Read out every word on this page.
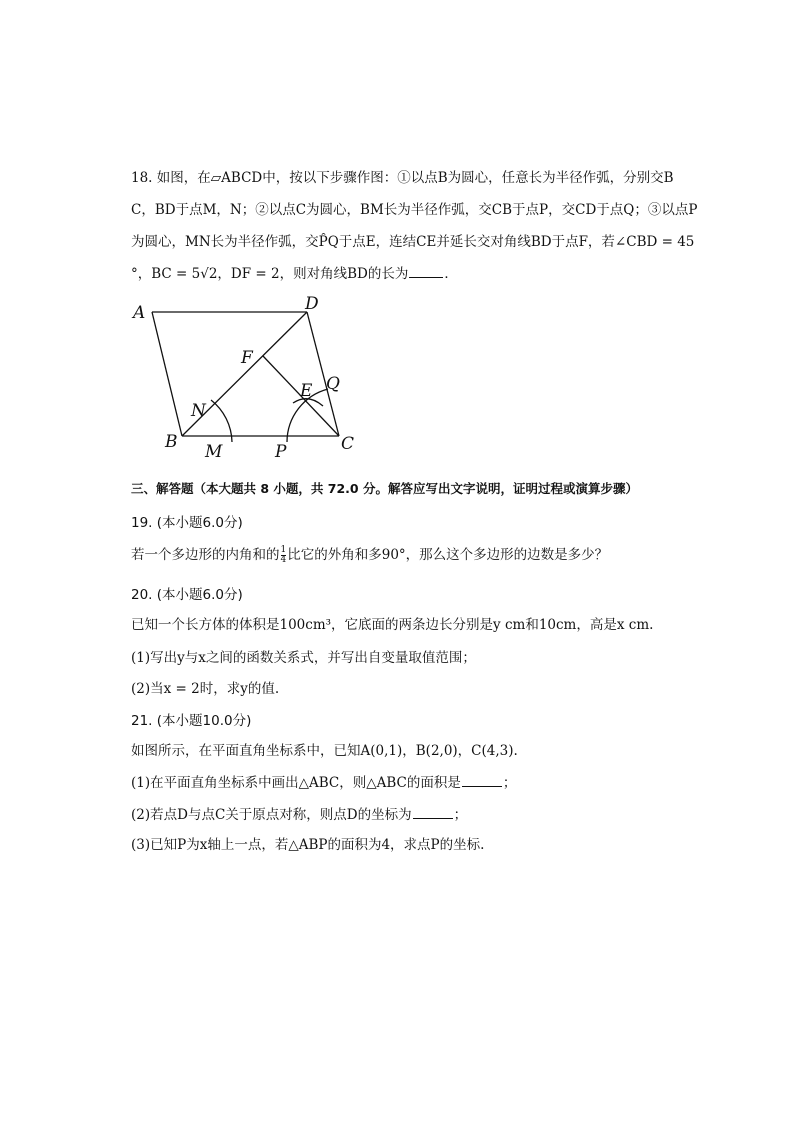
18. 如图，在▱ABCD中，按以下步骤作图：①以点B为圆心，任意长为半径作弧，分别交B
C，BD于点M，N；②以点C为圆心，BM长为半径作弧，交CB于点P，交CD于点Q；③以点P
为圆心，MN长为半径作弧，交P̂Q于点E，连结CE并延长交对角线BD于点F，若∠CBD = 45
°，BC = 5√2，DF = 2，则对角线BD的长为	．
A	D
F
E Q
N
B M	P	C
三、解答题（本大题共 8 小题，共 72.0 分。解答应写出文字说明，证明过程或演算步骤）
19. (本小题6.0分)
若一个多边形的内角和的 $\frac{1}{4}$ 比它的外角和多90°，那么这个多边形的边数是多少？
20. (本小题6.0分)
已知一个长方体的体积是100cm³，它底面的两条边长分别是y cm和10cm，高是x cm.
(1)写出y与x之间的函数关系式，并写出自变量取值范围；
(2)当x = 2时，求y的值.
21. (本小题10.0分)
如图所示，在平面直角坐标系中，已知A(0,1)，B(2,0)，C(4,3).
(1)在平面直角坐标系中画出△ABC，则△ABC的面积是	；
(2)若点D与点C关于原点对称，则点D的坐标为	；
(3)已知P为x轴上一点，若△ABP的面积为4，求点P的坐标.
